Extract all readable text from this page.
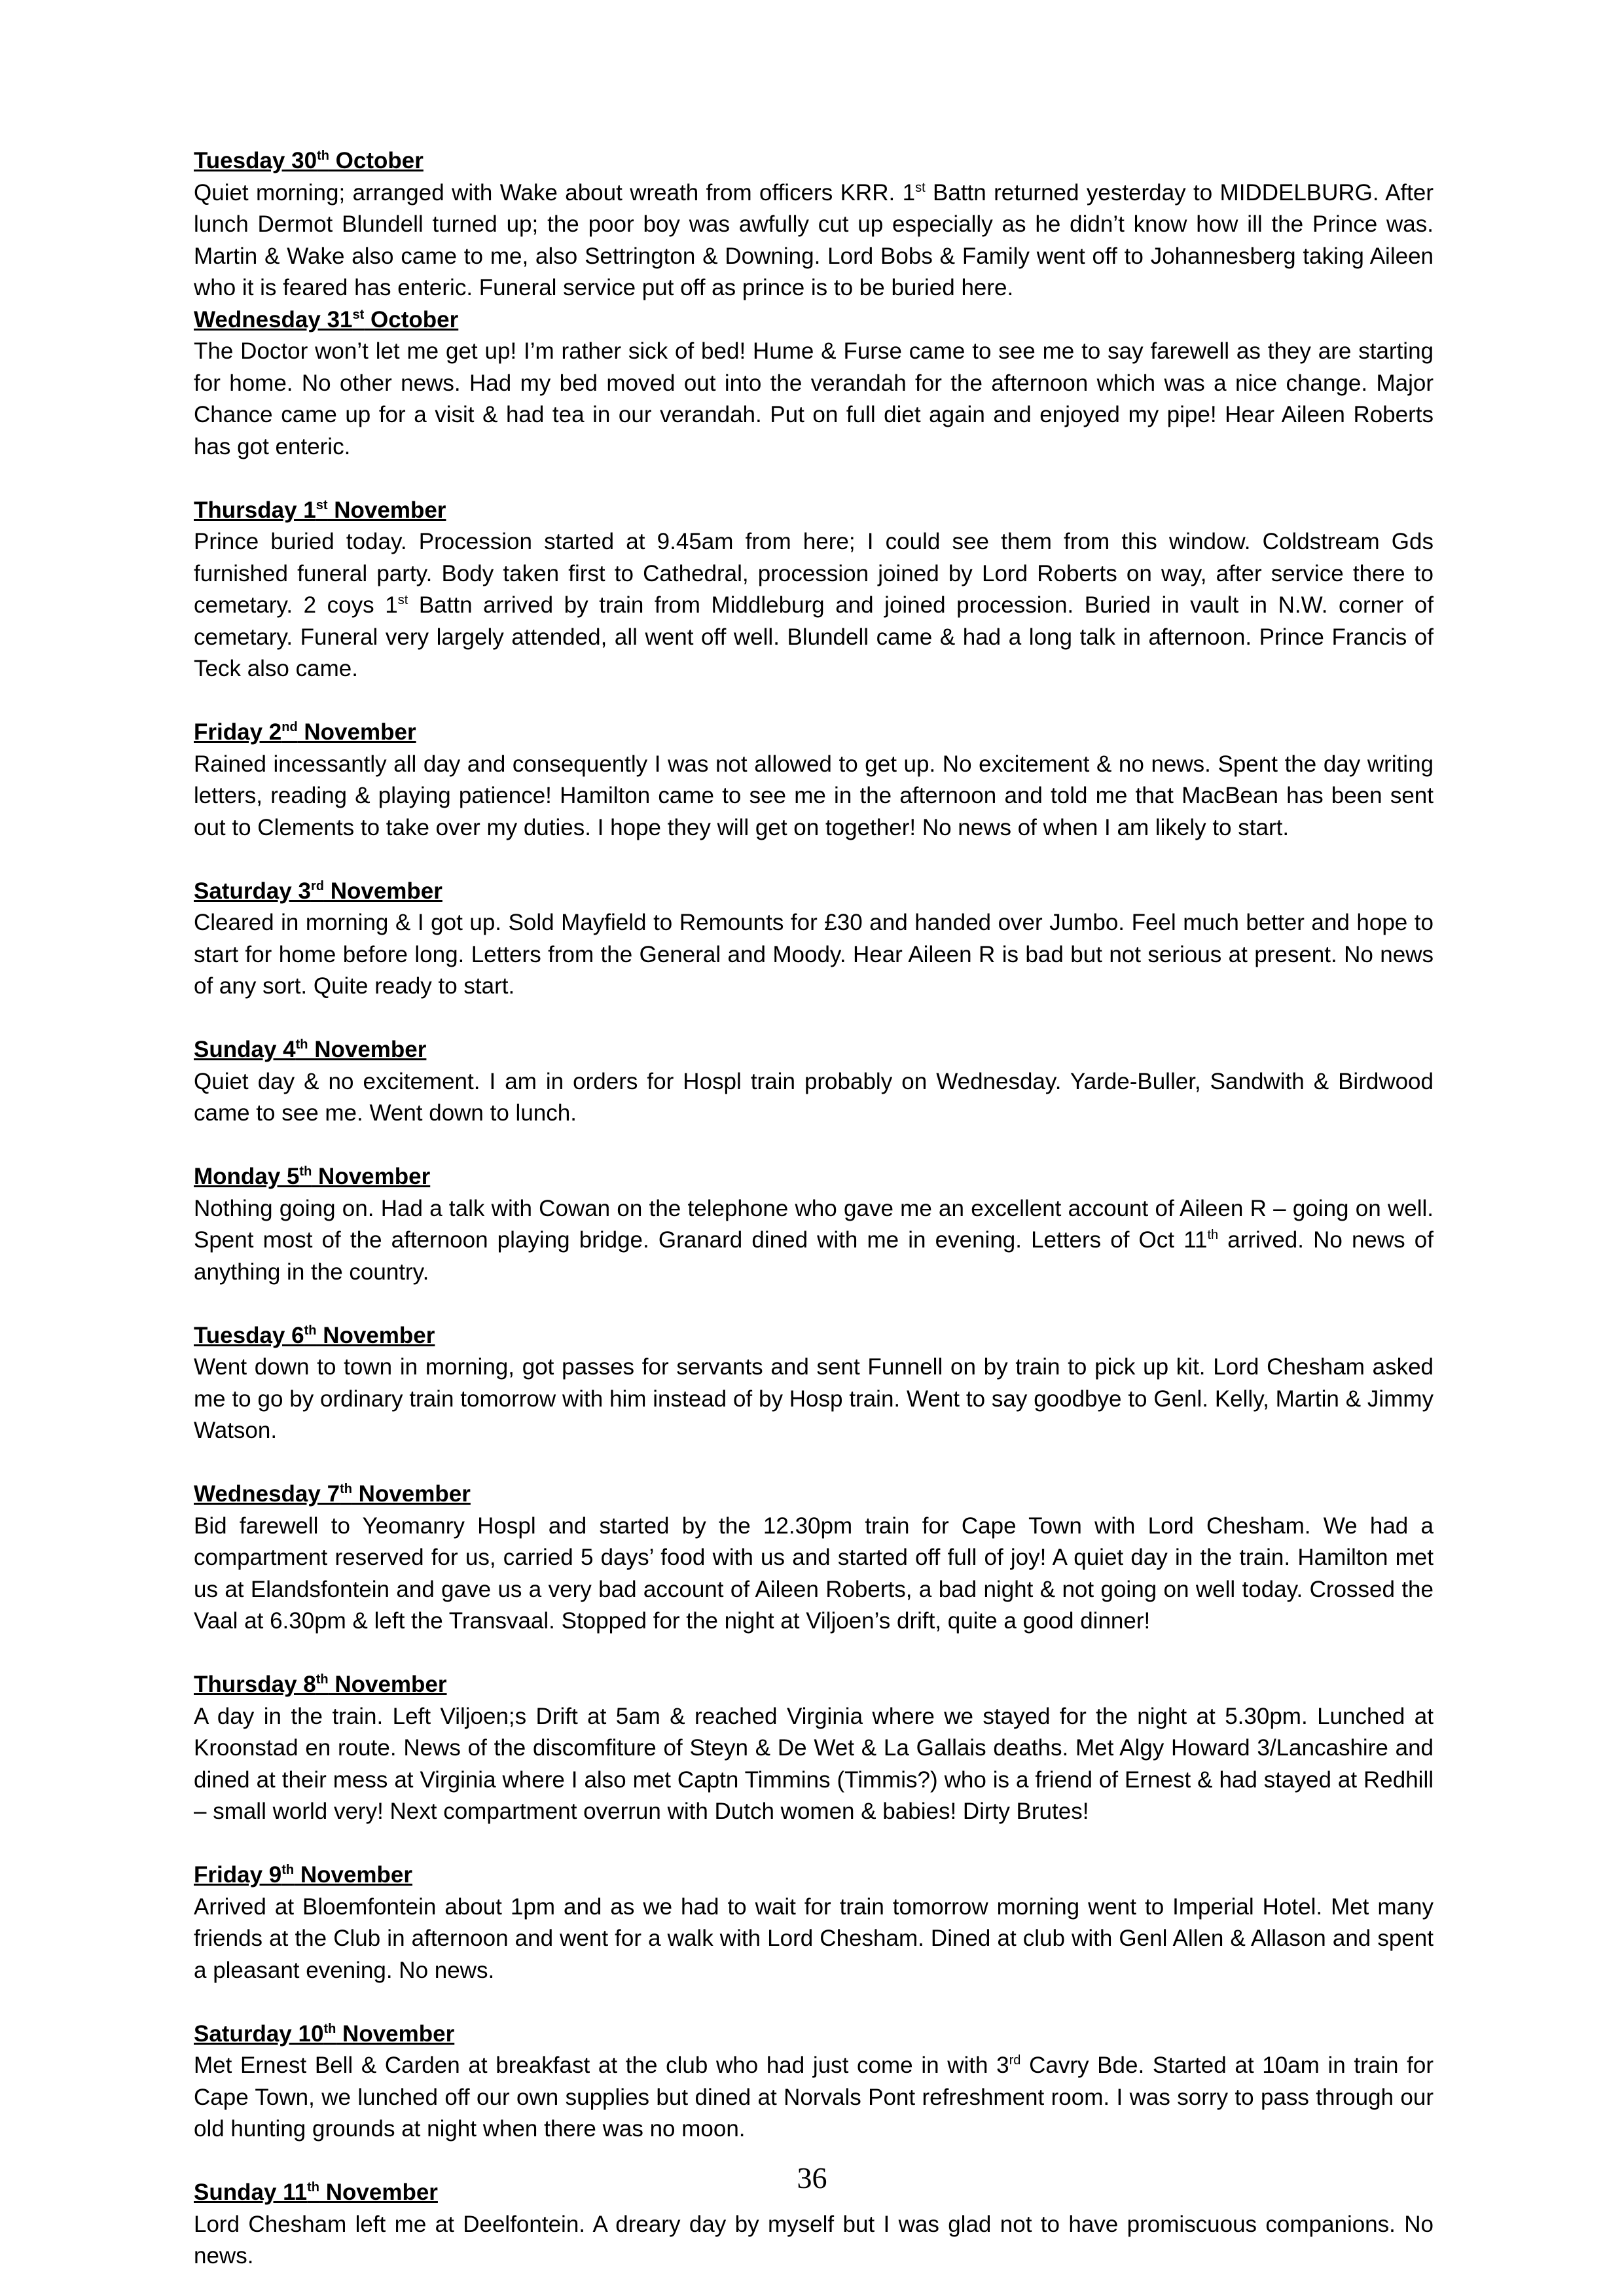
Tuesday 30th October

Quiet morning; arranged with Wake about wreath from officers KRR. 1st Battn returned yesterday to MIDDELBURG. After lunch Dermot Blundell turned up; the poor boy was awfully cut up especially as he didn’t know how ill the Prince was. Martin & Wake also came to me, also Settrington & Downing. Lord Bobs & Family went off to Johannesberg taking Aileen who it is feared has enteric. Funeral service put off as prince is to be buried here.

Wednesday 31st October

The Doctor won’t let me get up! I’m rather sick of bed! Hume & Furse came to see me to say farewell as they are starting for home. No other news. Had my bed moved out into the verandah for the afternoon which was a nice change. Major Chance came up for a visit & had tea in our verandah. Put on full diet again and enjoyed my pipe! Hear Aileen Roberts has got enteric.

Thursday 1st November

Prince buried today. Procession started at 9.45am from here; I could see them from this window. Coldstream Gds furnished funeral party. Body taken first to Cathedral, procession joined by Lord Roberts on way, after service there to cemetary. 2 coys 1st Battn arrived by train from Middleburg and joined procession. Buried in vault in N.W. corner of cemetary. Funeral very largely attended, all went off well. Blundell came & had a long talk in afternoon. Prince Francis of Teck also came.

Friday 2nd November

Rained incessantly all day and consequently I was not allowed to get up. No excitement & no news. Spent the day writing letters, reading & playing patience! Hamilton came to see me in the afternoon and told me that MacBean has been sent out to Clements to take over my duties. I hope they will get on together! No news of when I am likely to start.

Saturday 3rd November

Cleared in morning & I got up. Sold Mayfield to Remounts for £30 and handed over Jumbo. Feel much better and hope to start for home before long. Letters from the General and Moody. Hear Aileen R is bad but not serious at present. No news of any sort. Quite ready to start.

Sunday 4th November

Quiet day & no excitement. I am in orders for Hospl train probably on Wednesday. Yarde-Buller, Sandwith & Birdwood came to see me. Went down to lunch.

Monday 5th November

Nothing going on. Had a talk with Cowan on the telephone who gave me an excellent account of Aileen R – going on well. Spent most of the afternoon playing bridge. Granard dined with me in evening. Letters of Oct 11th arrived. No news of anything in the country.

Tuesday 6th November

Went down to town in morning, got passes for servants and sent Funnell on by train to pick up kit. Lord Chesham asked me to go by ordinary train tomorrow with him instead of by Hosp train. Went to say goodbye to Genl. Kelly, Martin & Jimmy Watson.

Wednesday 7th November

Bid farewell to Yeomanry Hospl and started by the 12.30pm train for Cape Town with Lord Chesham. We had a compartment reserved for us, carried 5 days’ food with us and started off full of joy! A quiet day in the train. Hamilton met us at Elandsfontein and gave us a very bad account of Aileen Roberts, a bad night & not going on well today. Crossed the Vaal at 6.30pm & left the Transvaal. Stopped for the night at Viljoen’s drift, quite a good dinner!

Thursday 8th November

A day in the train. Left Viljoen;s Drift at 5am & reached Virginia where we stayed for the night at 5.30pm. Lunched at Kroonstad en route. News of the discomfiture of Steyn & De Wet & La Gallais deaths. Met Algy Howard 3/Lancashire and dined at their mess at Virginia where I also met Captn Timmins (Timmis?) who is a friend of Ernest & had stayed at Redhill – small world very! Next compartment overrun with Dutch women & babies! Dirty Brutes!

Friday 9th November

Arrived at Bloemfontein about 1pm and as we had to wait for train tomorrow morning went to Imperial Hotel. Met many friends at the Club in afternoon and went for a walk with Lord Chesham. Dined at club with Genl Allen & Allason and spent a pleasant evening. No news.

Saturday 10th November

Met Ernest Bell & Carden at breakfast at the club who had just come in with 3rd Cavry Bde. Started at 10am in train for Cape Town, we lunched off our own supplies but dined at Norvals Pont refreshment room. I was sorry to pass through our old hunting grounds at night when there was no moon.

Sunday 11th November

Lord Chesham left me at Deelfontein. A dreary day by myself but I was glad not to have promiscuous companions. No news.

36
